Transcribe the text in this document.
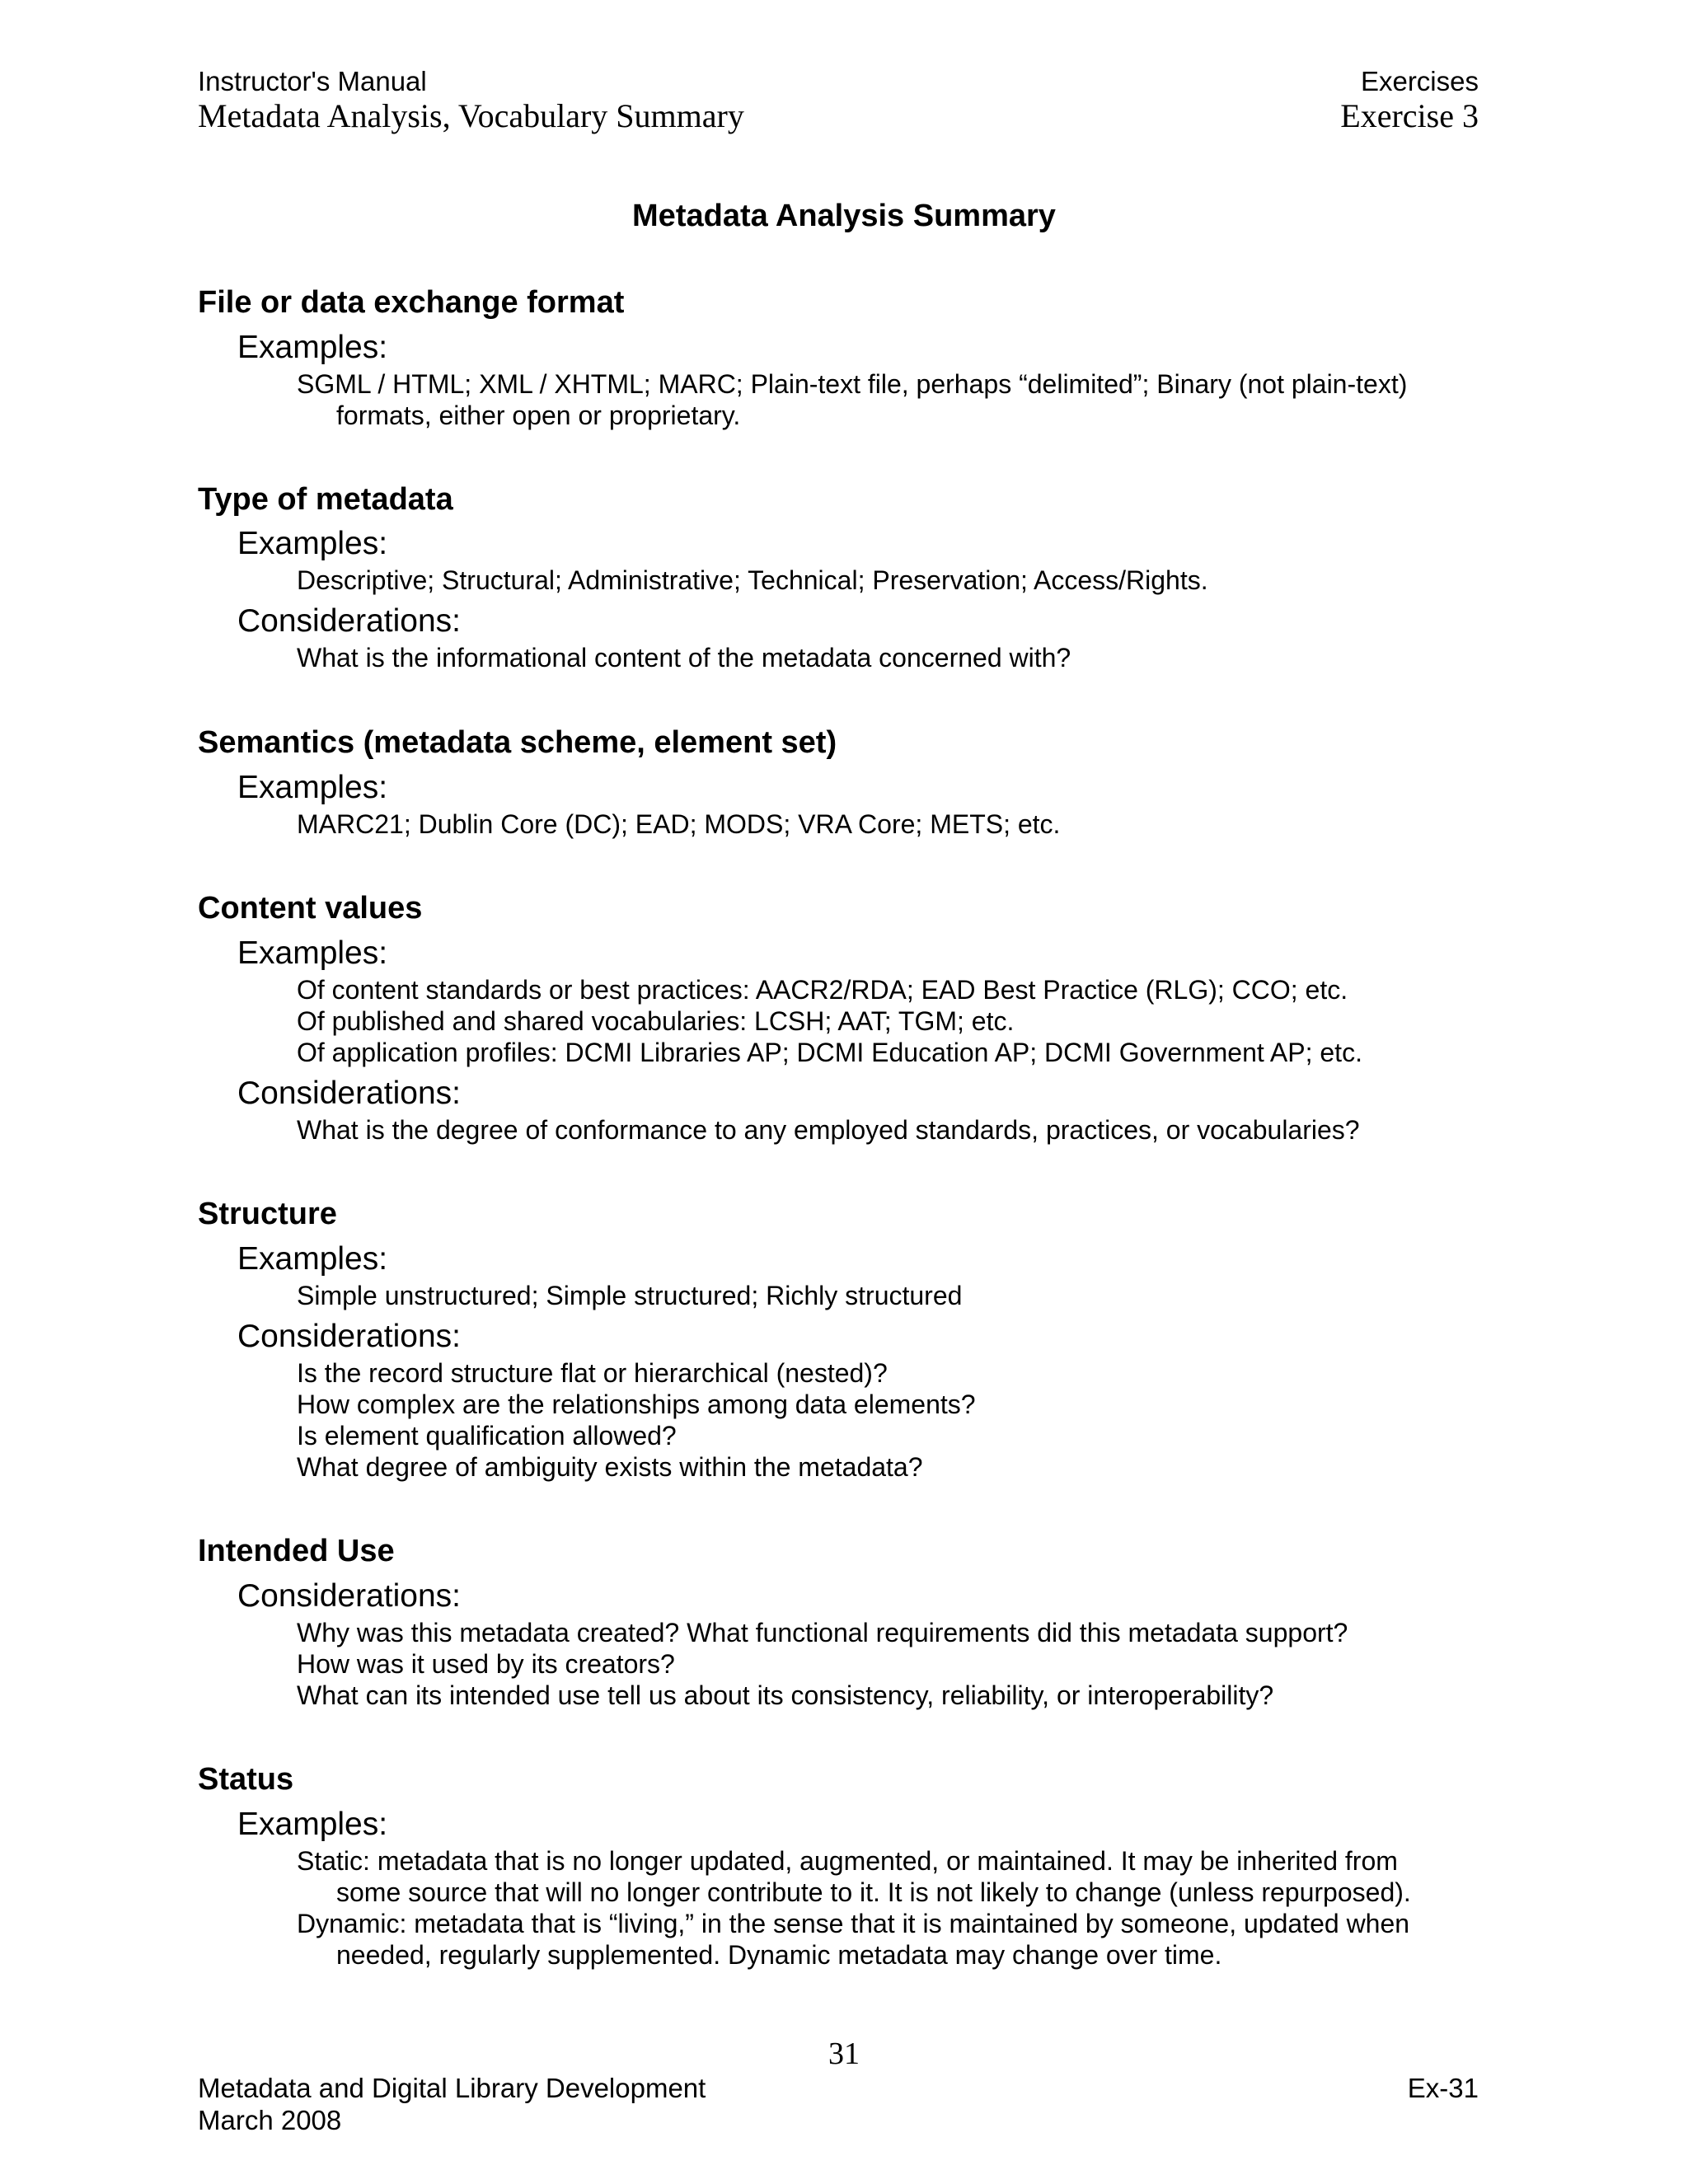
Instructor's Manual
Metadata Analysis, Vocabulary Summary
Exercises
Exercise 3
Metadata Analysis Summary
File or data exchange format
Examples:
SGML / HTML; XML / XHTML; MARC; Plain-text file, perhaps “delimited”; Binary (not plain-text)
formats, either open or proprietary.
Type of metadata
Examples:
Descriptive; Structural; Administrative; Technical; Preservation; Access/Rights.
Considerations:
What is the informational content of the metadata concerned with?
Semantics (metadata scheme, element set)
Examples:
MARC21; Dublin Core (DC); EAD; MODS; VRA Core; METS; etc.
Content values
Examples:
Of content standards or best practices: AACR2/RDA; EAD Best Practice (RLG); CCO; etc.
Of published and shared vocabularies: LCSH; AAT; TGM; etc.
Of application profiles: DCMI Libraries AP; DCMI Education AP; DCMI Government AP; etc.
Considerations:
What is the degree of conformance to any employed standards, practices, or vocabularies?
Structure
Examples:
Simple unstructured; Simple structured; Richly structured
Considerations:
Is the record structure flat or hierarchical (nested)?
How complex are the relationships among data elements?
Is element qualification allowed?
What degree of ambiguity exists within the metadata?
Intended Use
Considerations:
Why was this metadata created? What functional requirements did this metadata support?
How was it used by its creators?
What can its intended use tell us about its consistency, reliability, or interoperability?
Status
Examples:
Static: metadata that is no longer updated, augmented, or maintained. It may be inherited from
some source that will no longer contribute to it. It is not likely to change (unless repurposed).
Dynamic: metadata that is “living,” in the sense that it is maintained by someone, updated when
needed, regularly supplemented. Dynamic metadata may change over time.
31
Metadata and Digital Library Development
March 2008
Ex-31
